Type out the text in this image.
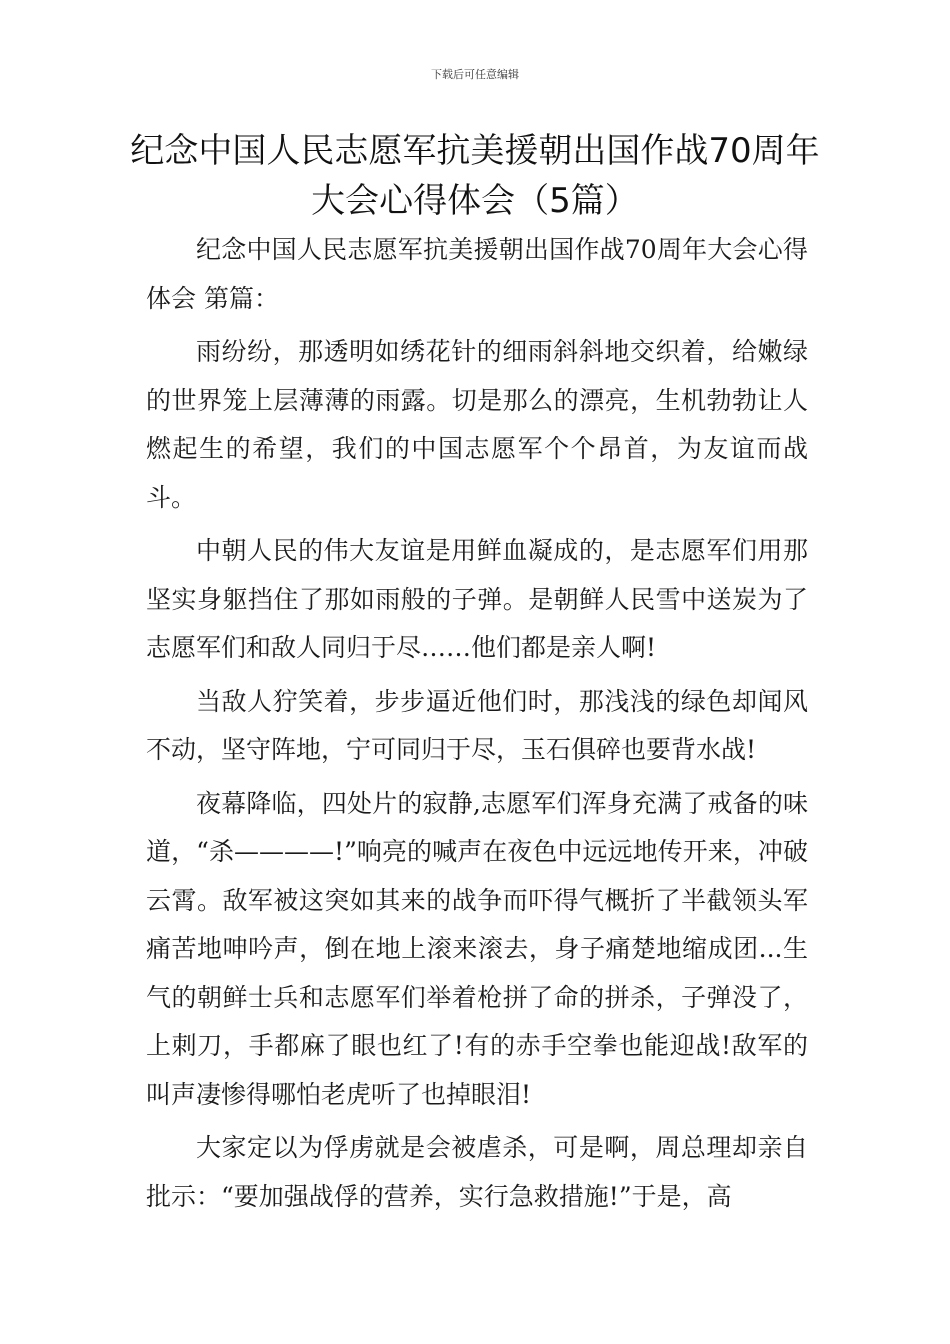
下载后可任意编辑
纪念中国人民志愿军抗美援朝出国作战70周年大会心得体会（5篇）

纪念中国人民志愿军抗美援朝出国作战70周年大会心得体会 第篇：

雨纷纷，那透明如绣花针的细雨斜斜地交织着，给嫩绿的世界笼上层薄薄的雨露。切是那么的漂亮，生机勃勃让人燃起生的希望，我们的中国志愿军个个昂首，为友谊而战斗。

中朝人民的伟大友谊是用鲜血凝成的，是志愿军们用那坚实身躯挡住了那如雨般的子弹。是朝鲜人民雪中送炭为了志愿军们和敌人同归于尽……他们都是亲人啊!

当敌人狞笑着，步步逼近他们时，那浅浅的绿色却闻风不动，坚守阵地，宁可同归于尽，玉石俱碎也要背水战!

夜幕降临，四处片的寂静,志愿军们浑身充满了戒备的味道，“杀————!”响亮的喊声在夜色中远远地传开来，冲破云霄。敌军被这突如其来的战争而吓得气概折了半截领头军痛苦地呻吟声，倒在地上滚来滚去，身子痛楚地缩成团...生气的朝鲜士兵和志愿军们举着枪拼了命的拼杀，子弹没了，上刺刀，手都麻了眼也红了!有的赤手空拳也能迎战!敌军的叫声凄惨得哪怕老虎听了也掉眼泪!

大家定以为俘虏就是会被虐杀，可是啊，周总理却亲自批示：“要加强战俘的营养，实行急救措施!”于是，高
